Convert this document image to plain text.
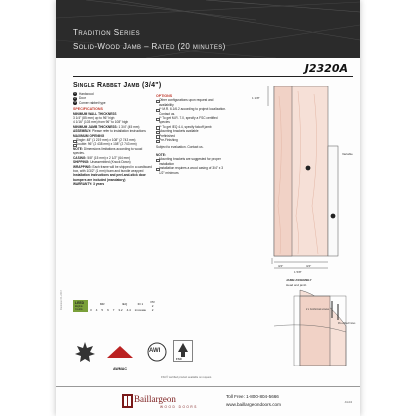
Tradition Series
Solid-Wood Jamb – Rated (20 minutes)
J2320A
Single Rabbet Jamb (3/4")
1	Hardwood
2	Door
3	Corner rabbet type
SPECIFICATIONS
MINIMUM WALL THICKNESS
3 1/4" (85 mm) up to 96" high
4 1/16" (103 mm) from 96" to 108" high
MINIMUM JAMB THICKNESS: 1 3/4" (45 mm)
ASSEMBLY: Please refer to installation instructions
MAXIMUM OPENING
Single: 48" (1 219 mm) x 108" (2 743 mm)
Double: 96" (2 438 mm) x 108" (2 743 mm)
NOTE: Dimensions limitations according to wood species.
CASING: 5/8" (15 mm) x 2 1/2" (64 mm)
SHIPPING: Unassembled (Knock Down)
WRAPPING: Each frame will be shipped in a cardboard box, with 1/3/2" (1 mm) foam and bundle wrapped
Installation instructions and peel-and-stick door bumpers are included (mandatory)
WARRANTY: 3 years
OPTIONS
Other configurations upon request and availability
** M.R. 6.1/6.2 according to project localization. Contact us.
** To get M.R. 7.0, specify a FSC certified species
** To get IEQ 4.4, specify falcoff jamb
Mounting brackets available
Prefinished
Pre-Finishing
Subject to evaluation. Contact us.
NOTE:
Mounting brackets are suggested for proper installation
Installation requires a wood casing of 3/4" x 3 1/2" minimum.
LEED
Eligible Credits	MR					IEQ		ID 1	PR 2
	3	4	5	6	7	3.2	4.4	innovate	2
AWMAC
AWI
FSC
FSC® certified product available on request.
1 1/8"
3/4"	3/4"
1 5/8"
Variable
JAMB ASSEMBLY
Head and jamb
2 x Conformal screws
Pre-drilled holes
Revision 01-2017
Baillargeon
WOOD DOORS
Toll Free: 1-800-804-5666
www.baillargeondoors.com	J4-04
